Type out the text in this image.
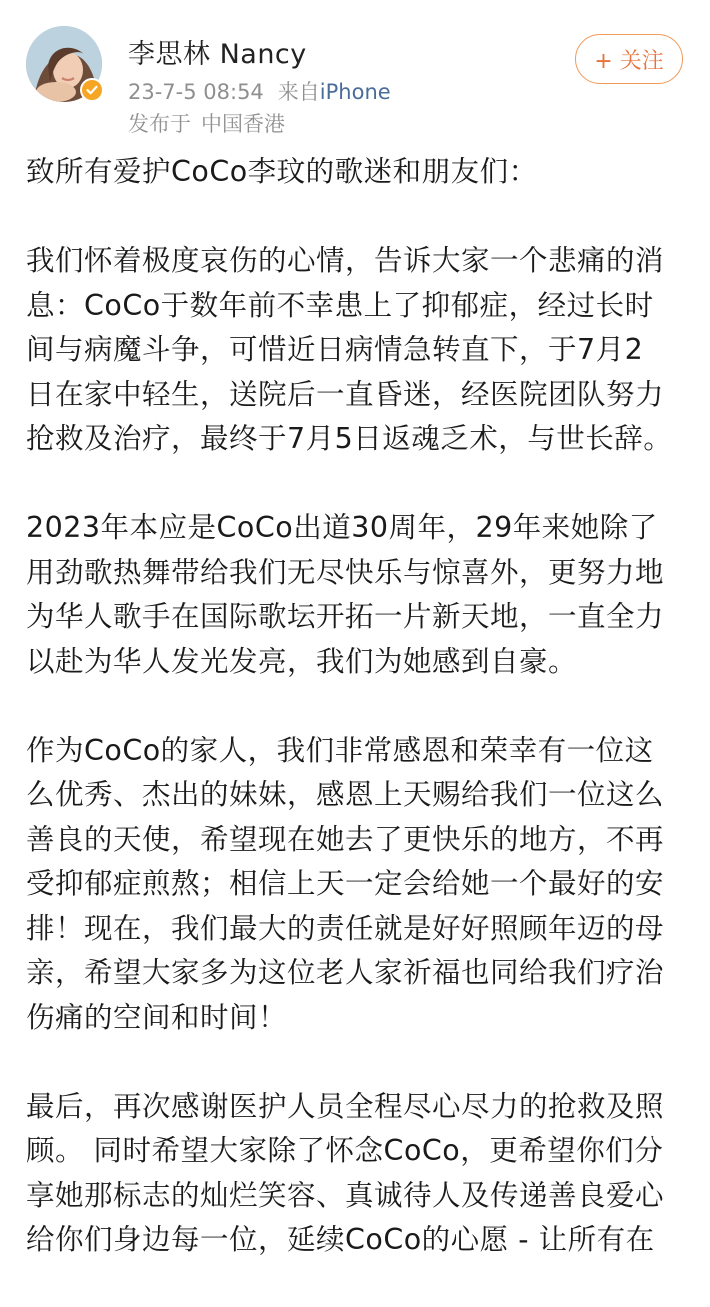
李思林 Nancy
23-7-5 08:54 来自iPhone
发布于 中国香港
+ 关注

致所有爱护CoCo李玟的歌迷和朋友们：

我们怀着极度哀伤的心情，告诉大家一个悲痛的消
息：CoCo于数年前不幸患上了抑郁症，经过长时
间与病魔斗争，可惜近日病情急转直下，于7月2
日在家中轻生，送院后一直昏迷，经医院团队努力
抢救及治疗，最终于7月5日返魂乏术，与世长辞。

2023年本应是CoCo出道30周年，29年来她除了
用劲歌热舞带给我们无尽快乐与惊喜外，更努力地
为华人歌手在国际歌坛开拓一片新天地，一直全力
以赴为华人发光发亮，我们为她感到自豪。

作为CoCo的家人，我们非常感恩和荣幸有一位这
么优秀、杰出的妹妹，感恩上天赐给我们一位这么
善良的天使，希望现在她去了更快乐的地方，不再
受抑郁症煎熬；相信上天一定会给她一个最好的安
排！现在，我们最大的责任就是好好照顾年迈的母
亲，希望大家多为这位老人家祈福也同给我们疗治
伤痛的空间和时间！

最后，再次感谢医护人员全程尽心尽力的抢救及照
顾。 同时希望大家除了怀念CoCo，更希望你们分
享她那标志的灿烂笑容、真诚待人及传递善良爱心
给你们身边每一位，延续CoCo的心愿 - 让所有在
